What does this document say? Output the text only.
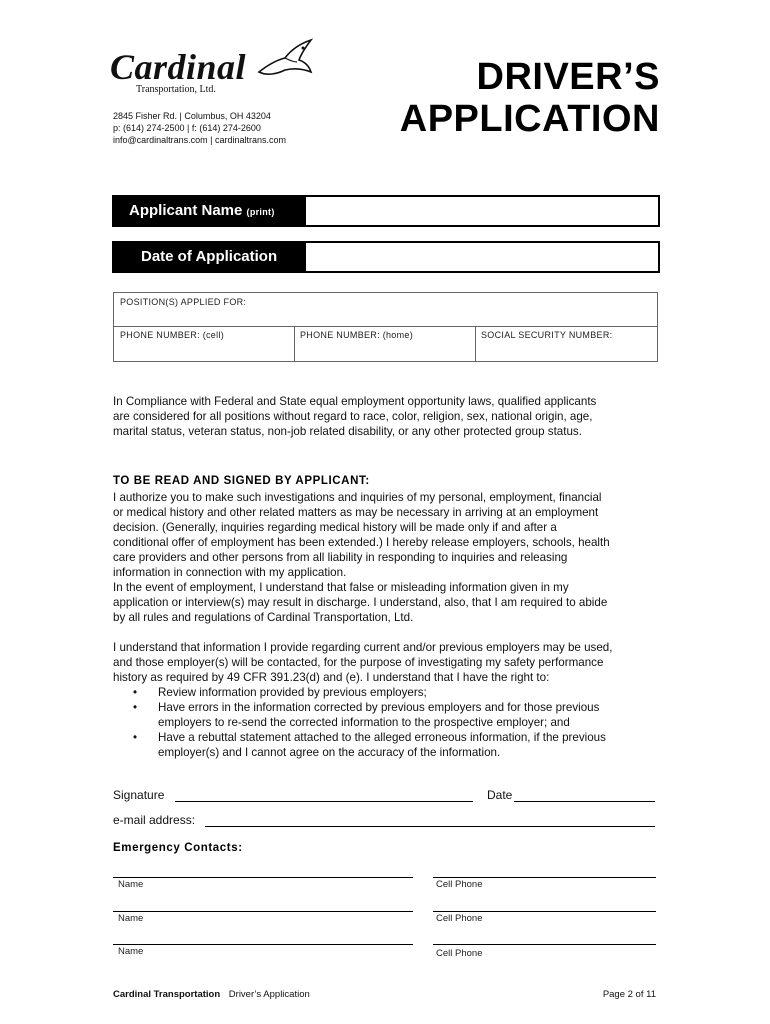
Cardinal
Transportation, Ltd.
2845 Fisher Rd. | Columbus, OH 43204
p: (614) 274-2500 | f: (614) 274-2600
info@cardinaltrans.com | cardinaltrans.com
DRIVER’S
APPLICATION
Applicant Name (print)
Date of Application
POSITION(S) APPLIED FOR:
PHONE NUMBER: (cell)	PHONE NUMBER: (home)	SOCIAL SECURITY NUMBER:
In Compliance with Federal and State equal employment opportunity laws, qualified applicants
are considered for all positions without regard to race, color, religion, sex, national origin, age,
marital status, veteran status, non-job related disability, or any other protected group status.
TO BE READ AND SIGNED BY APPLICANT:
I authorize you to make such investigations and inquiries of my personal, employment, financial
or medical history and other related matters as may be necessary in arriving at an employment
decision. (Generally, inquiries regarding medical history will be made only if and after a
conditional offer of employment has been extended.) I hereby release employers, schools, health
care providers and other persons from all liability in responding to inquiries and releasing
information in connection with my application.
In the event of employment, I understand that false or misleading information given in my
application or interview(s) may result in discharge. I understand, also, that I am required to abide
by all rules and regulations of Cardinal Transportation, Ltd.
I understand that information I provide regarding current and/or previous employers may be used,
and those employer(s) will be contacted, for the purpose of investigating my safety performance
history as required by 49 CFR 391.23(d) and (e). I understand that I have the right to:
• Review information provided by previous employers;
• Have errors in the information corrected by previous employers and for those previous
employers to re-send the corrected information to the prospective employer; and
• Have a rebuttal statement attached to the alleged erroneous information, if the previous
employer(s) and I cannot agree on the accuracy of the information.
Signature	Date
e-mail address:
Emergency Contacts:
Name	Cell Phone
Name	Cell Phone
Name	Cell Phone
Cardinal Transportation Driver’s Application	Page 2 of 11
